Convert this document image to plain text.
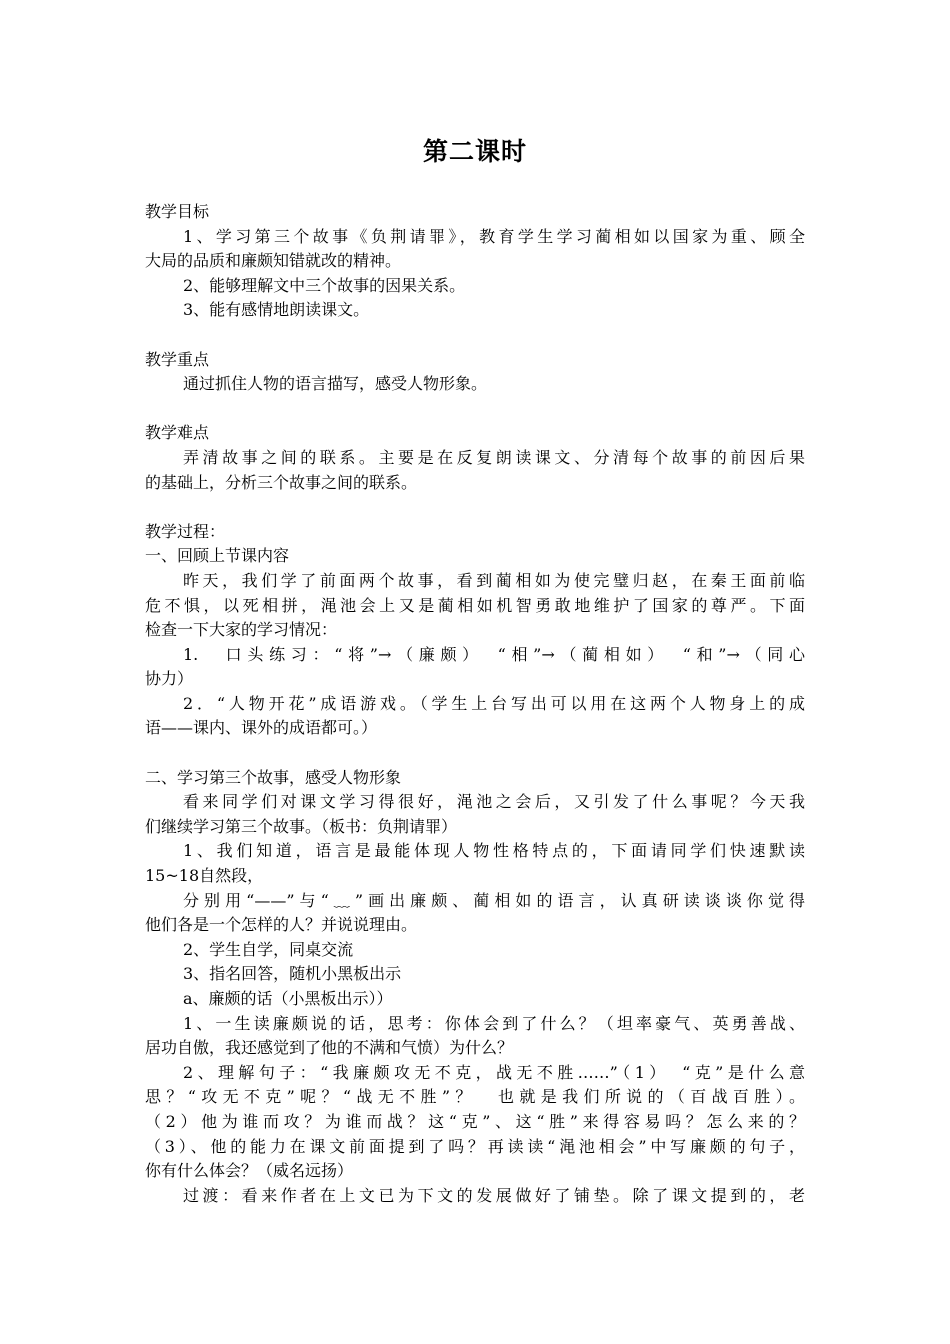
第二课时
教学目标
1、学习第三个故事《负荆请罪》，教育学生学习蔺相如以国家为重、顾全
大局的品质和廉颇知错就改的精神。
2、能够理解文中三个故事的因果关系。
3、能有感情地朗读课文。
教学重点
通过抓住人物的语言描写，感受人物形象。
教学难点
弄清故事之间的联系。主要是在反复朗读课文、分清每个故事的前因后果
的基础上，分析三个故事之间的联系。
教学过程：
一、回顾上节课内容
昨天，我们学了前面两个故事，看到蔺相如为使完璧归赵，在秦王面前临
危不惧，以死相拼，渑池会上又是蔺相如机智勇敢地维护了国家的尊严。下面
检查一下大家的学习情况：
1.　口头练习：“将”→（廉颇）　“相”→（蔺相如）　“和”→（同心
协力）
2．“人物开花”成语游戏。（学生上台写出可以用在这两个人物身上的成
语——课内、课外的成语都可。）
二、学习第三个故事，感受人物形象
看来同学们对课文学习得很好，渑池之会后，又引发了什么事呢？今天我
们继续学习第三个故事。（板书：负荆请罪）
1、我们知道，语言是最能体现人物性格特点的，下面请同学们快速默读
15~18自然段，
分别用“——”与“﹏”画出廉颇、蔺相如的语言，认真研读谈谈你觉得
他们各是一个怎样的人？并说说理由。
2、学生自学，同桌交流
3、指名回答，随机小黑板出示
a、廉颇的话（小黑板出示））
1、一生读廉颇说的话，思考：你体会到了什么？（坦率豪气、英勇善战、
居功自傲，我还感觉到了他的不满和气愤）为什么？
2、理解句子：“我廉颇攻无不克，战无不胜……”（1）　“克”是什么意
思？“攻无不克”呢？“战无不胜”？　也就是我们所说的（百战百胜）。
（2）他为谁而攻？为谁而战？这“克”、这“胜”来得容易吗？怎么来的？
（3）、他的能力在课文前面提到了吗？再读读“渑池相会”中写廉颇的句子，
你有什么体会？（威名远扬）
过渡：看来作者在上文已为下文的发展做好了铺垫。除了课文提到的，老
